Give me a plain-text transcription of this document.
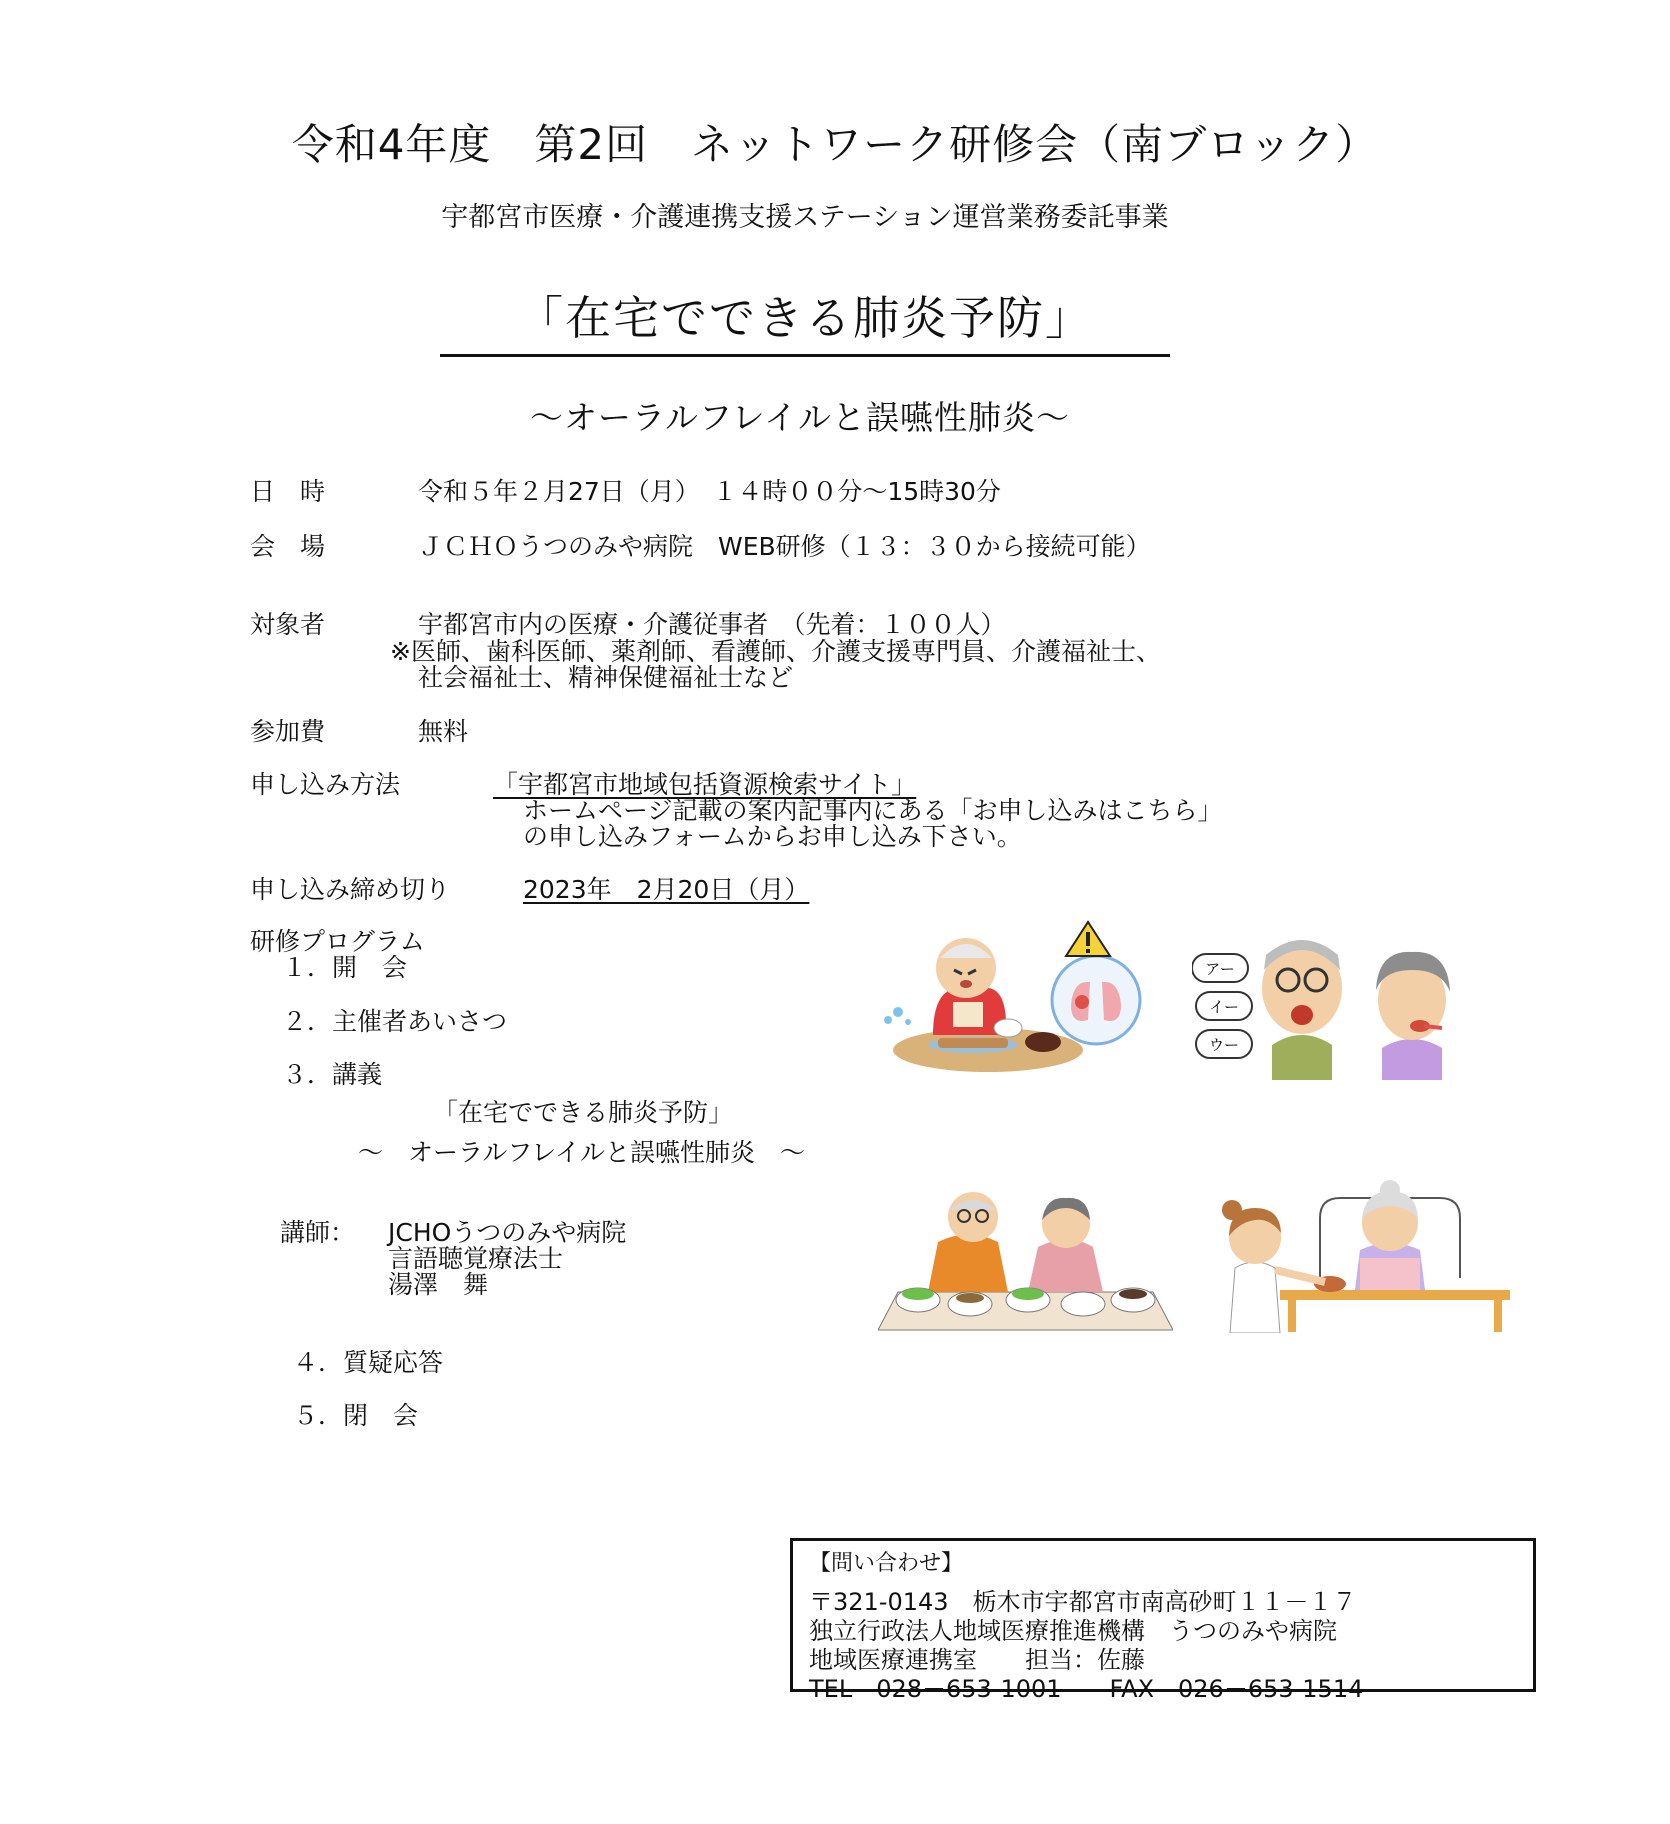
令和4年度　第2回　ネットワーク研修会（南ブロック）
宇都宮市医療・介護連携支援ステーション運営業務委託事業
「在宅でできる肺炎予防」
～オーラルフレイルと誤嚥性肺炎～
日　時	令和５年２月27日（月）　１４時００分～15時30分
会　場	ＪＣＨＯうつのみや病院　WEB研修（１３：３０から接続可能）
対象者	宇都宮市内の医療・介護従事者　（先着：１００人）
※医師、歯科医師、薬剤師、看護師、介護支援専門員、介護福祉士、
社会福祉士、精神保健福祉士など
参加費	無料
申し込み方法	「宇都宮市地域包括資源検索サイト」
ホームページ記載の案内記事内にある「お申し込みはこちら」
の申し込みフォームからお申し込み下さい。
申し込み締め切り	2023年　2月20日（月）
研修プログラム
１．開　会
２．主催者あいさつ
３．講義
「在宅でできる肺炎予防」
～　オーラルフレイルと誤嚥性肺炎　～
講師： JCHOうつのみや病院
言語聴覚療法士
湯澤　舞
４．質疑応答
５．閉　会
アー
イー
ウー
【問い合わせ】
〒321-0143　栃木市宇都宮市南高砂町１１－１７
独立行政法人地域医療推進機構　うつのみや病院
地域医療連携室　　担当：佐藤
TEL　028－653-1001　　FAX　026－653-1514
